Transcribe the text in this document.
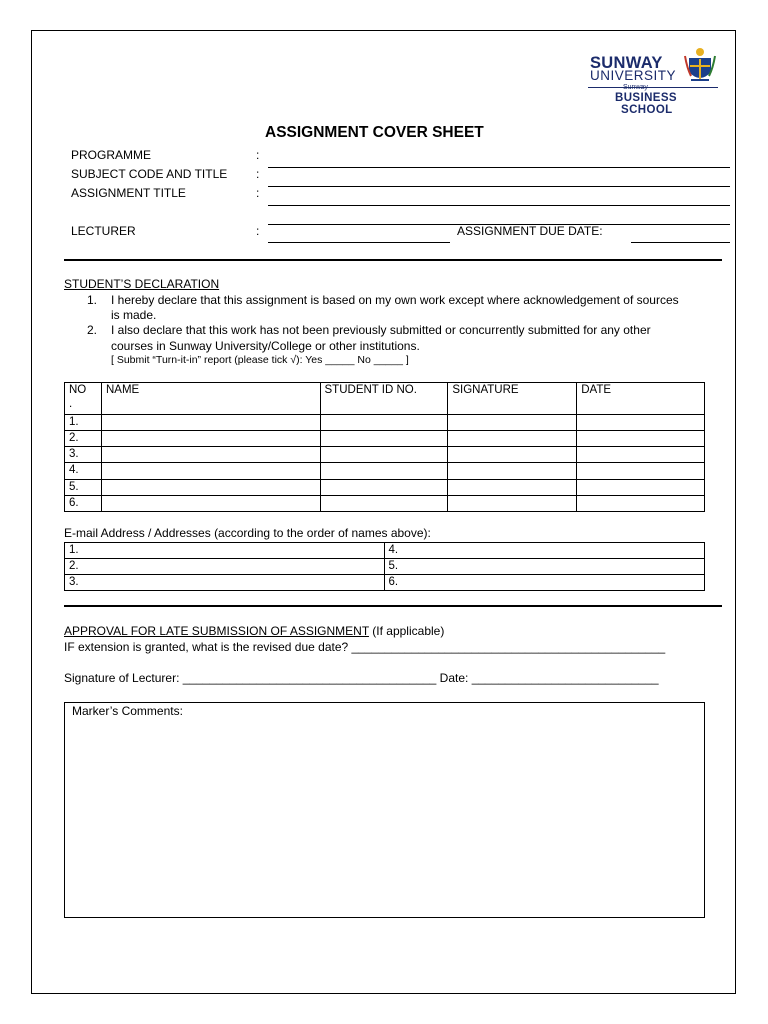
SUNWAY
UNIVERSITY
Sunway
BUSINESS
SCHOOL
ASSIGNMENT COVER SHEET
PROGRAMME	:
SUBJECT CODE AND TITLE :
ASSIGNMENT TITLE	:
LECTURER	:	ASSIGNMENT DUE DATE:
STUDENT’S DECLARATION
1. I hereby declare that this assignment is based on my own work except where acknowledgement of sources
is made.
2. I also declare that this work has not been previously submitted or concurrently submitted for any other
courses in Sunway University/College or other institutions.
[ Submit “Turn-it-in” report (please tick √): Yes _____ No _____ ]
NO
.	NAME	STUDENT ID NO.	SIGNATURE	DATE
1.				
2.				
3.				
4.				
5.				
6.				
E-mail Address / Addresses (according to the order of names above):
1.	4.
2.	5.
3.	6.
APPROVAL FOR LATE SUBMISSION OF ASSIGNMENT (If applicable)
IF extension is granted, what is the revised due date? _______________________________________________
Signature of Lecturer: ______________________________________ Date: ____________________________
Marker’s Comments:
